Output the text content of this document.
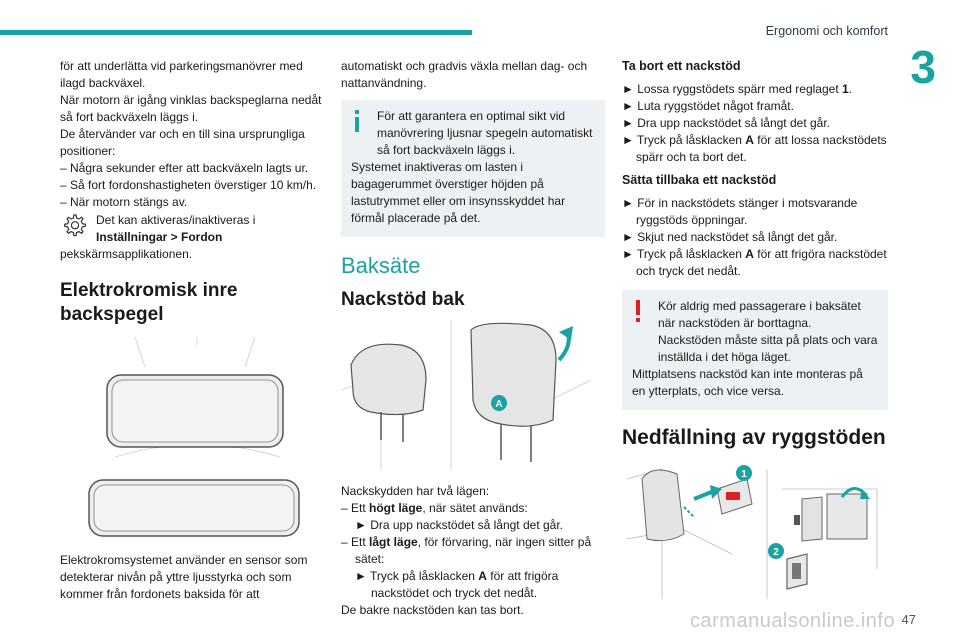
Ergonomi och komfort
3
47
carmanualsonline.info

för att underlätta vid parkeringsmanövrer med ilagd backväxel.

När motorn är igång vinklas backspeglarna nedåt så fort backväxeln läggs i.

De återvänder var och en till sina ursprungliga positioner:

– Några sekunder efter att backväxeln lagts ur.

– Så fort fordonshastigheten överstiger 10 km/h.

– När motorn stängs av.

Det kan aktiveras/inaktiveras i
Inställningar > Fordon

pekskärmsapplikationen.

Elektrokromisk inre backspegel

Elektrokromsystemet använder en sensor som detekterar nivån på yttre ljusstyrka och som kommer från fordonets baksida för att

automatiskt och gradvis växla mellan dag- och nattanvändning.

För att garantera en optimal sikt vid manövrering ljusnar spegeln automatiskt så fort backväxeln läggs i.

Systemet inaktiveras om lasten i bagagerummet överstiger höjden på lastutrymmet eller om insynsskyddet har förmål placerade på det.

Baksäte
Nackstöd bak
A

Nackskydden har två lägen:

– Ett högt läge, när sätet används:

► Dra upp nackstödet så långt det går.

– Ett lågt läge, för förvaring, när ingen sitter på sätet:

► Tryck på låsklacken A för att frigöra nackstödet och tryck det nedåt.

De bakre nackstöden kan tas bort.

Ta bort ett nackstöd

► Lossa ryggstödets spärr med reglaget 1.

► Luta ryggstödet något framåt.

► Dra upp nackstödet så långt det går.

► Tryck på låsklacken A för att lossa nackstödets spärr och ta bort det.

Sätta tillbaka ett nackstöd

► För in nackstödets stänger i motsvarande ryggstöds öppningar.

► Skjut ned nackstödet så långt det går.

► Tryck på låsklacken A för att frigöra nackstödet och tryck det nedåt.

Kör aldrig med passagerare i baksätet när nackstöden är borttagna. Nackstöden måste sitta på plats och vara inställda i det höga läget.

Mittplatsens nackstöd kan inte monteras på en ytterplats, och vice versa.

Nedfällning av ryggstöden
1
2
